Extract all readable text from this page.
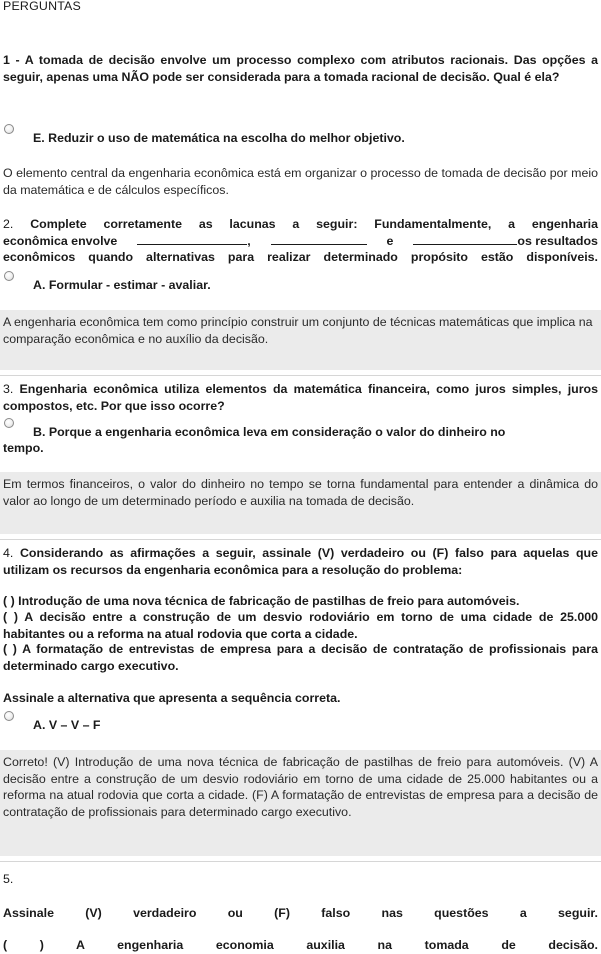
PERGUNTAS
1 - A tomada de decisão envolve um processo complexo com atributos racionais. Das opções a seguir, apenas uma NÃO pode ser considerada para a tomada racional de decisão. Qual é ela?
E. Reduzir o uso de matemática na escolha do melhor objetivo.
O elemento central da engenharia econômica está em organizar o processo de tomada de decisão por meio da matemática e de cálculos específicos.
2. Complete corretamente as lacunas a seguir: Fundamentalmente, a engenharia
econômica envolve	,	e	os resultados
econômicos quando alternativas para realizar determinado propósito estão disponíveis.
A. Formular - estimar - avaliar.
A engenharia econômica tem como princípio construir um conjunto de técnicas matemáticas que implica na comparação econômica e no auxílio da decisão.
3. Engenharia econômica utiliza elementos da matemática financeira, como juros simples, juros compostos, etc. Por que isso ocorre?
B. Porque a engenharia econômica leva em consideração o valor do dinheiro no
tempo.
Em termos financeiros, o valor do dinheiro no tempo se torna fundamental para entender a dinâmica do valor ao longo de um determinado período e auxilia na tomada de decisão.
4. Considerando as afirmações a seguir, assinale (V) verdadeiro ou (F) falso para aquelas que utilizam os recursos da engenharia econômica para a resolução do problema:
( ) Introdução de uma nova técnica de fabricação de pastilhas de freio para automóveis.
( ) A decisão entre a construção de um desvio rodoviário em torno de uma cidade de 25.000 habitantes ou a reforma na atual rodovia que corta a cidade.
( ) A formatação de entrevistas de empresa para a decisão de contratação de profissionais para determinado cargo executivo.
Assinale a alternativa que apresenta a sequência correta.
A. V – V – F
Correto! (V) Introdução de uma nova técnica de fabricação de pastilhas de freio para automóveis. (V) A decisão entre a construção de um desvio rodoviário em torno de uma cidade de 25.000 habitantes ou a reforma na atual rodovia que corta a cidade. (F) A formatação de entrevistas de empresa para a decisão de contratação de profissionais para determinado cargo executivo.
5.
Assinale (V) verdadeiro ou (F) falso nas questões a seguir.
( ) A engenharia economia auxilia na tomada de decisão.
